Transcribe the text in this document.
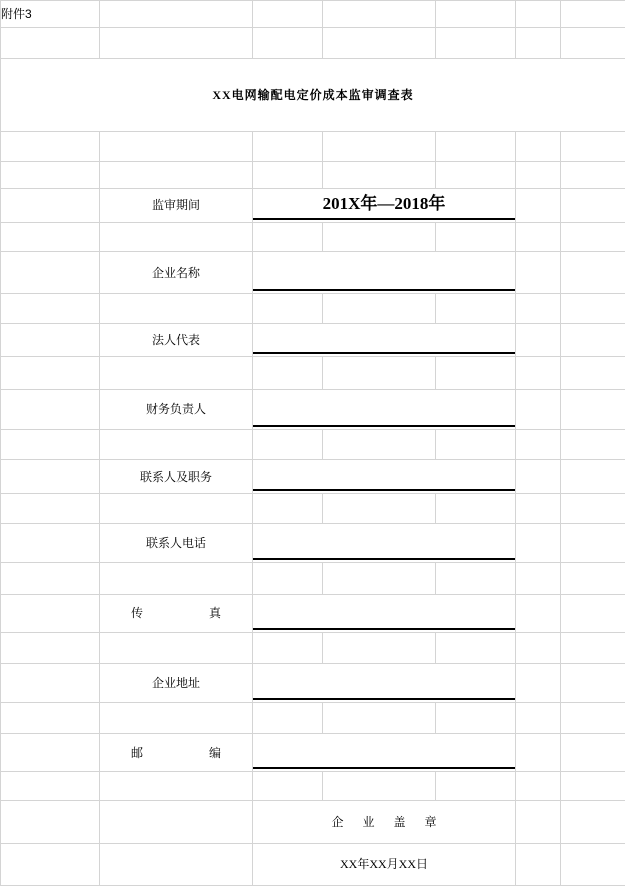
附件3						

XX电网输配电定价成本监审调查表						

	监审期间	201X年—2018年				

	企业名称			

	法人代表			

	财务负责人			

	联系人及职务			

	联系人电话			

	传　　真			

	企业地址			

	邮　　编			

		企 业 盖 章				
		XX年XX月XX日				
